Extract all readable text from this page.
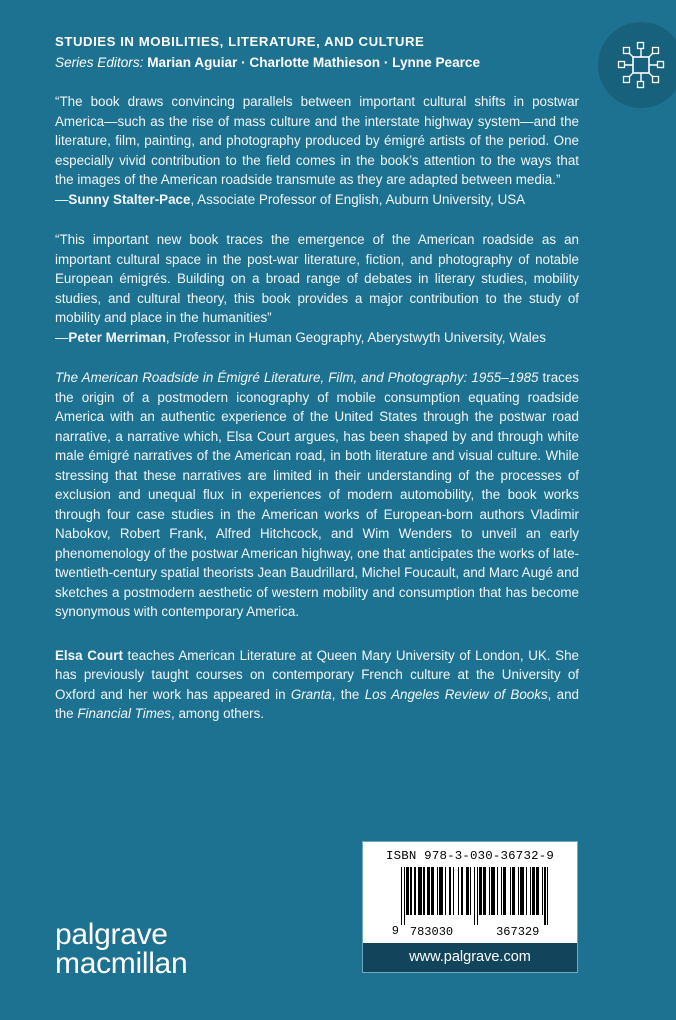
STUDIES IN MOBILITIES, LITERATURE, AND CULTURE
Series Editors: Marian Aguiar · Charlotte Mathieson · Lynne Pearce
“The book draws convincing parallels between important cultural shifts in postwar America—such as the rise of mass culture and the interstate highway system—and the literature, film, painting, and photography produced by émigré artists of the period. One especially vivid contribution to the field comes in the book’s attention to the ways that the images of the American roadside transmute as they are adapted between media.”
—Sunny Stalter-Pace, Associate Professor of English, Auburn University, USA
“This important new book traces the emergence of the American roadside as an important cultural space in the post-war literature, fiction, and photography of notable European émigrés. Building on a broad range of debates in literary studies, mobility studies, and cultural theory, this book provides a major contribution to the study of mobility and place in the humanities”
—Peter Merriman, Professor in Human Geography, Aberystwyth University, Wales
The American Roadside in Émigré Literature, Film, and Photography: 1955–1985 traces the origin of a postmodern iconography of mobile consumption equating roadside America with an authentic experience of the United States through the postwar road narrative, a narrative which, Elsa Court argues, has been shaped by and through white male émigré narratives of the American road, in both literature and visual culture. While stressing that these narratives are limited in their understanding of the processes of exclusion and unequal flux in experiences of modern automobility, the book works through four case studies in the American works of European-born authors Vladimir Nabokov, Robert Frank, Alfred Hitchcock, and Wim Wenders to unveil an early phenomenology of the postwar American highway, one that anticipates the works of late-twentieth-century spatial theorists Jean Baudrillard, Michel Foucault, and Marc Augé and sketches a postmodern aesthetic of western mobility and consumption that has become synonymous with contemporary America.
Elsa Court teaches American Literature at Queen Mary University of London, UK. She has previously taught courses on contemporary French culture at the University of Oxford and her work has appeared in Granta, the Los Angeles Review of Books, and the Financial Times, among others.
palgrave
macmillan
ISBN 978-3-030-36732-9
9 783030	367329
www.palgrave.com
